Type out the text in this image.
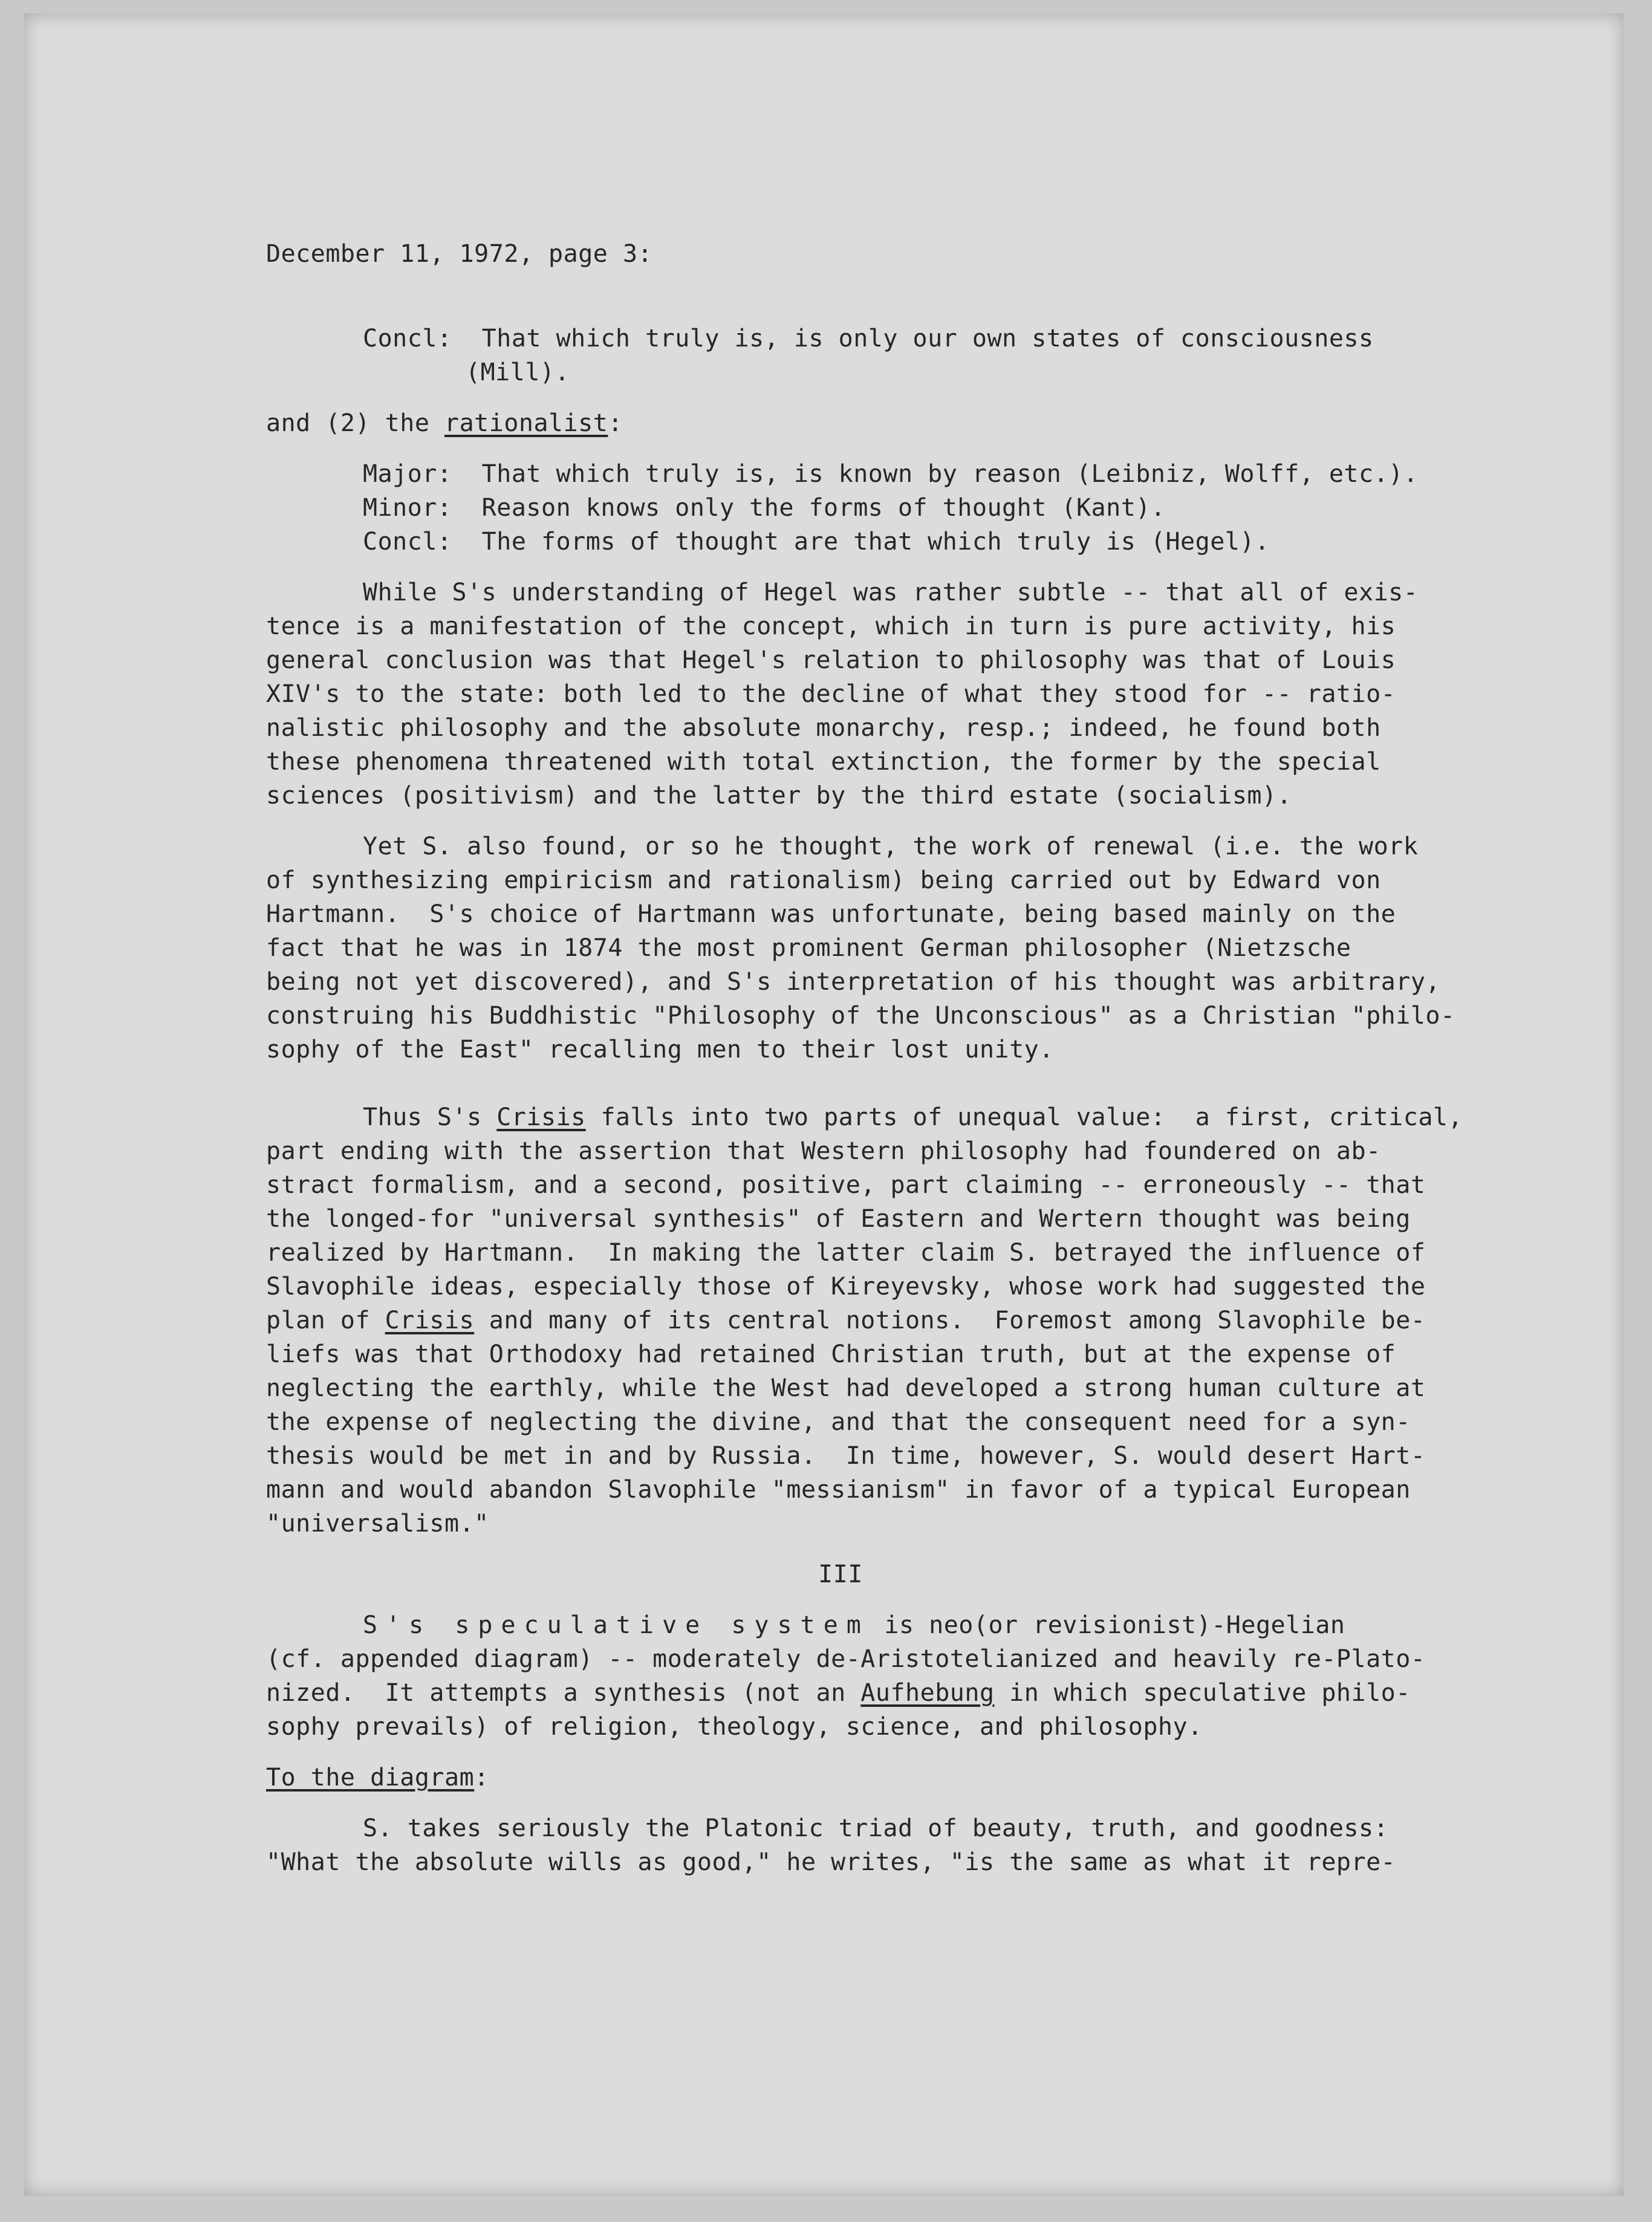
December 11, 1972, page 3:
Concl: That which truly is, is only our own states of consciousness
(Mill).
and (2) the rationalist:
Major: That which truly is, is known by reason (Leibniz, Wolff, etc.).
Minor: Reason knows only the forms of thought (Kant).
Concl: The forms of thought are that which truly is (Hegel).
While S's understanding of Hegel was rather subtle -- that all of exis-
tence is a manifestation of the concept, which in turn is pure activity, his
general conclusion was that Hegel's relation to philosophy was that of Louis
XIV's to the state: both led to the decline of what they stood for -- ratio-
nalistic philosophy and the absolute monarchy, resp.; indeed, he found both
these phenomena threatened with total extinction, the former by the special
sciences (positivism) and the latter by the third estate (socialism).
Yet S. also found, or so he thought, the work of renewal (i.e. the work
of synthesizing empiricism and rationalism) being carried out by Edward von
Hartmann.  S's choice of Hartmann was unfortunate, being based mainly on the
fact that he was in 1874 the most prominent German philosopher (Nietzsche
being not yet discovered), and S's interpretation of his thought was arbitrary,
construing his Buddhistic "Philosophy of the Unconscious" as a Christian "philo-
sophy of the East" recalling men to their lost unity.
Thus S's Crisis falls into two parts of unequal value:  a first, critical,
part ending with the assertion that Western philosophy had foundered on ab-
stract formalism, and a second, positive, part claiming -- erroneously -- that
the longed-for "universal synthesis" of Eastern and Wertern thought was being
realized by Hartmann.  In making the latter claim S. betrayed the influence of
Slavophile ideas, especially those of Kireyevsky, whose work had suggested the
plan of Crisis and many of its central notions.  Foremost among Slavophile be-
liefs was that Orthodoxy had retained Christian truth, but at the expense of
neglecting the earthly, while the West had developed a strong human culture at
the expense of neglecting the divine, and that the consequent need for a syn-
thesis would be met in and by Russia.  In time, however, S. would desert Hart-
mann and would abandon Slavophile "messianism" in favor of a typical European
"universalism."
III
S's speculative system is neo(or revisionist)-Hegelian
(cf. appended diagram) -- moderately de-Aristotelianized and heavily re-Plato-
nized.  It attempts a synthesis (not an Aufhebung in which speculative philo-
sophy prevails) of religion, theology, science, and philosophy.
To the diagram:
S. takes seriously the Platonic triad of beauty, truth, and goodness:
"What the absolute wills as good," he writes, "is the same as what it repre-
